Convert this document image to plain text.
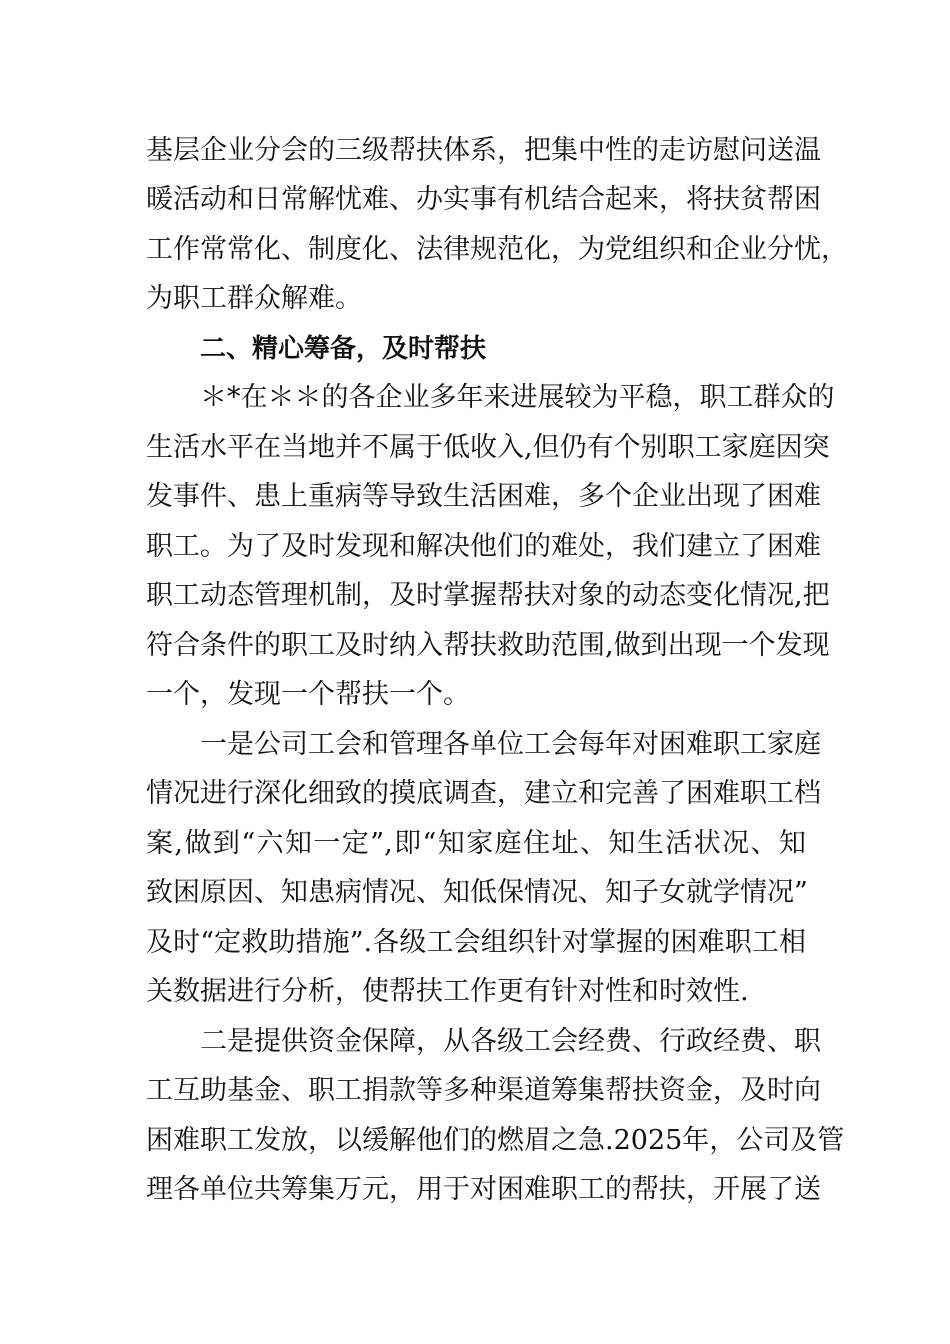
基层企业分会的三级帮扶体系，把集中性的走访慰问送温
暖活动和日常解忧难、办实事有机结合起来，将扶贫帮困
工作常常化、制度化、法律规范化，为党组织和企业分忧，
为职工群众解难。
二、精心筹备，及时帮扶
＊*在＊＊的各企业多年来进展较为平稳，职工群众的
生活水平在当地并不属于低收入,但仍有个别职工家庭因突
发事件、患上重病等导致生活困难，多个企业出现了困难
职工。为了及时发现和解决他们的难处，我们建立了困难
职工动态管理机制，及时掌握帮扶对象的动态变化情况,把
符合条件的职工及时纳入帮扶救助范围,做到出现一个发现
一个，发现一个帮扶一个。
一是公司工会和管理各单位工会每年对困难职工家庭
情况进行深化细致的摸底调查，建立和完善了困难职工档
案,做到“六知一定”,即“知家庭住址、知生活状况、知
致困原因、知患病情况、知低保情况、知子女就学情况”
及时“定救助措施”.各级工会组织针对掌握的困难职工相
关数据进行分析，使帮扶工作更有针对性和时效性.
二是提供资金保障，从各级工会经费、行政经费、职
工互助基金、职工捐款等多种渠道筹集帮扶资金，及时向
困难职工发放，以缓解他们的燃眉之急.2025年，公司及管
理各单位共筹集万元，用于对困难职工的帮扶，开展了送
